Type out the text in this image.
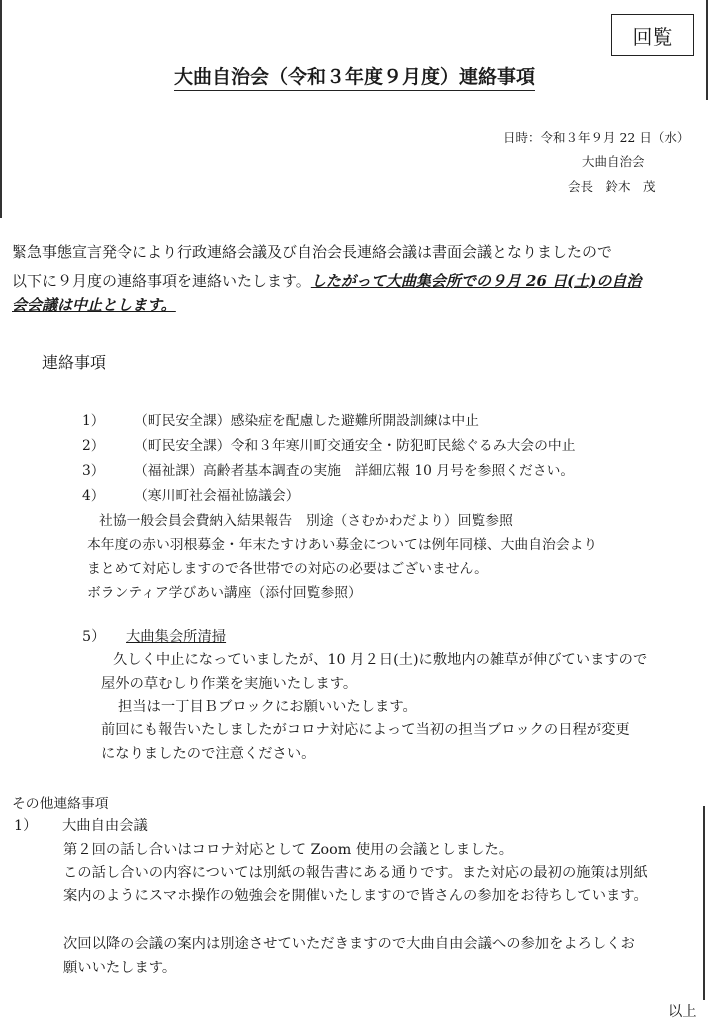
回覧
大曲自治会（令和３年度９月度）連絡事項
日時：令和３年９月 22 日（水）
大曲自治会
会長　鈴木　茂
緊急事態宣言発令により行政連絡会議及び自治会長連絡会議は書面会議となりましたので
以下に９月度の連絡事項を連絡いたします。したがって大曲集会所での９月 26 日(土)の自治
会会議は中止とします。
連絡事項
1） （町民安全課）感染症を配慮した避難所開設訓練は中止
2） （町民安全課）令和３年寒川町交通安全・防犯町民総ぐるみ大会の中止
3） （福祉課）高齢者基本調査の実施　詳細広報 10 月号を参照ください。
4） （寒川町社会福祉協議会）
社協一般会員会費納入結果報告　別途（さむかわだより）回覧参照
本年度の赤い羽根募金・年末たすけあい募金については例年同様、大曲自治会より
まとめて対応しますので各世帯での対応の必要はございません。
ボランティア学びあい講座（添付回覧参照）
5） 大曲集会所清掃
久しく中止になっていましたが、10 月２日(土)に敷地内の雑草が伸びていますので
屋外の草むしり作業を実施いたします。
担当は一丁目Ｂブロックにお願いいたします。
前回にも報告いたしましたがコロナ対応によって当初の担当ブロックの日程が変更
になりましたので注意ください。
その他連絡事項
1） 大曲自由会議
第２回の話し合いはコロナ対応として Zoom 使用の会議としました。
この話し合いの内容については別紙の報告書にある通りです。また対応の最初の施策は別紙
案内のようにスマホ操作の勉強会を開催いたしますので皆さんの参加をお待ちしています。
次回以降の会議の案内は別途させていただきますので大曲自由会議への参加をよろしくお
願いいたします。
以上
